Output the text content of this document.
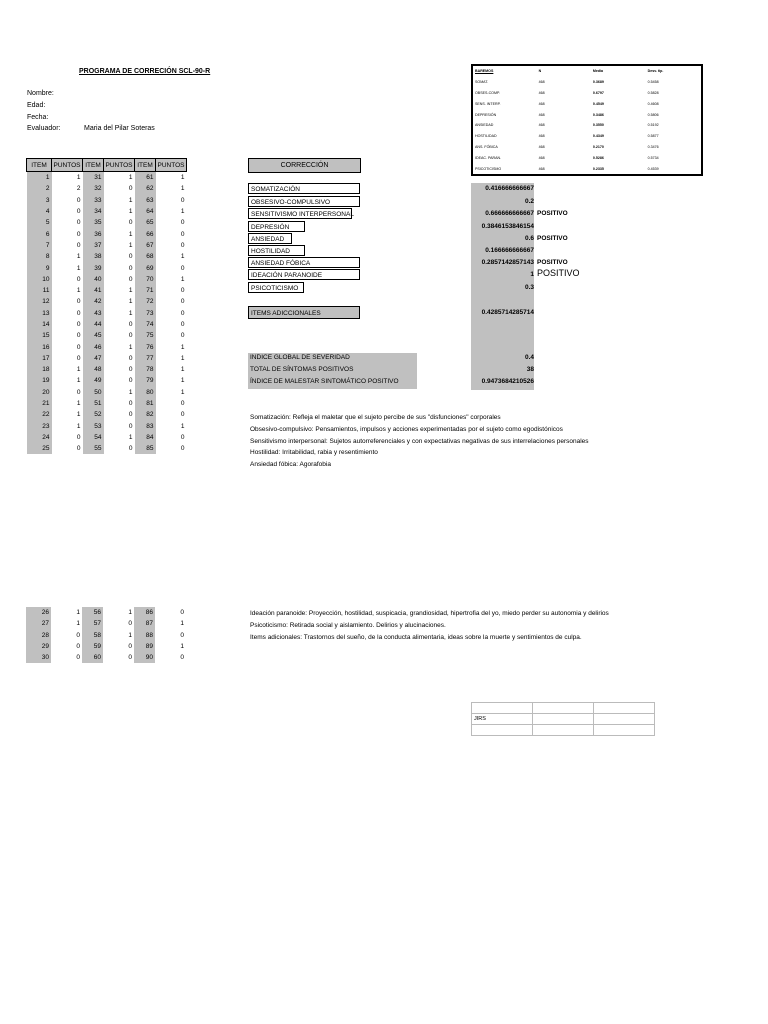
PROGRAMA DE CORRECIÓN SCL-90-R
Nombre:
Edad:
Fecha:
Evaluador:	Maria del Pilar Soteras
BAREMOS	N	Media	Desv. tip.
SOMAT.	468	0.3689	0.5458
OBSES-COMP.	468	0.6797	0.5828
SENS. INTERP.	468	0.4549	0.4608
DEPRESIÓN	468	0.3486	0.5806
ANSIEDAD	468	0.3550	0.5192
HOSTILIDAD	468	0.4349	0.5877
ANS. FÓBICA	468	0.2170	0.3476
IDEAC. PARAN.	468	0.5286	0.5734
PSICOTICISMO	468	0.2335	0.4539
ITEM	PUNTOS	ITEM	PUNTOS	ITEM	PUNTOS
1	1	31	1	61	1
2	2	32	0	62	1
3	0	33	1	63	0
4	0	34	1	64	1
5	0	35	0	65	0
6	0	36	1	66	0
7	0	37	1	67	0
8	1	38	0	68	1
9	1	39	0	69	0
10	0	40	0	70	1
11	1	41	1	71	0
12	0	42	1	72	0
13	0	43	1	73	0
14	0	44	0	74	0
15	0	45	0	75	0
16	0	46	1	76	1
17	0	47	0	77	1
18	1	48	0	78	1
19	1	49	0	79	1
20	0	50	1	80	1
21	1	51	0	81	0
22	1	52	0	82	0
23	1	53	0	83	1
24	0	54	1	84	0
25	0	55	0	85	0
26	1	56	1	86	0
27	1	57	0	87	1
28	0	58	1	88	0
29	0	59	0	89	1
30	0	60	0	90	0
CORRECCIÓN
SOMATIZACIÓN	0.416666666667
OBSESIVO-COMPULSIVO	0.2
SENSITIVISMO INTERPERSONAL	0.666666666667 POSITIVO
DEPRESIÓN	0.3846153846154
ANSIEDAD	0.6 POSITIVO
HOSTILIDAD	0.166666666667
ANSIEDAD FÓBICA	0.2857142857143 POSITIVO
IDEACIÓN PARANOIDE	1 POSITIVO
PSICOTICISMO	0.3
ITEMS ADICCIONALES	0.4285714285714
INDICE GLOBAL DE SEVERIDAD	0.4
TOTAL DE SÍNTOMAS POSITIVOS	38
ÍNDICE DE MALESTAR SINTOMÁTICO POSITIVO	0.9473684210526
Somatización: Refleja el maletar que el sujeto percibe de sus "disfunciones" corporales
Obsesivo-compulsivo: Pensamientos, impulsos y acciones experimentadas por el sujeto como egodistónicos
Sensitivismo interpersonal: Sujetos autorreferenciales y con expectativas negativas de sus interrelaciones personales
Hostilidad: Irritabilidad, rabia y resentimiento
Ansiedad fóbica: Agorafobia
Ideación paranoide: Proyección, hostilidad, suspicacia, grandiosidad, hipertrofia del yo, miedo perder su autonomia y delirios
Psicoticismo: Retirada social y aislamiento. Delirios y alucinaciones.
Items adicionales: Trastornos del sueño, de la conducta alimentaria, ideas sobre la muerte y sentimientos de culpa.

JIRS		
